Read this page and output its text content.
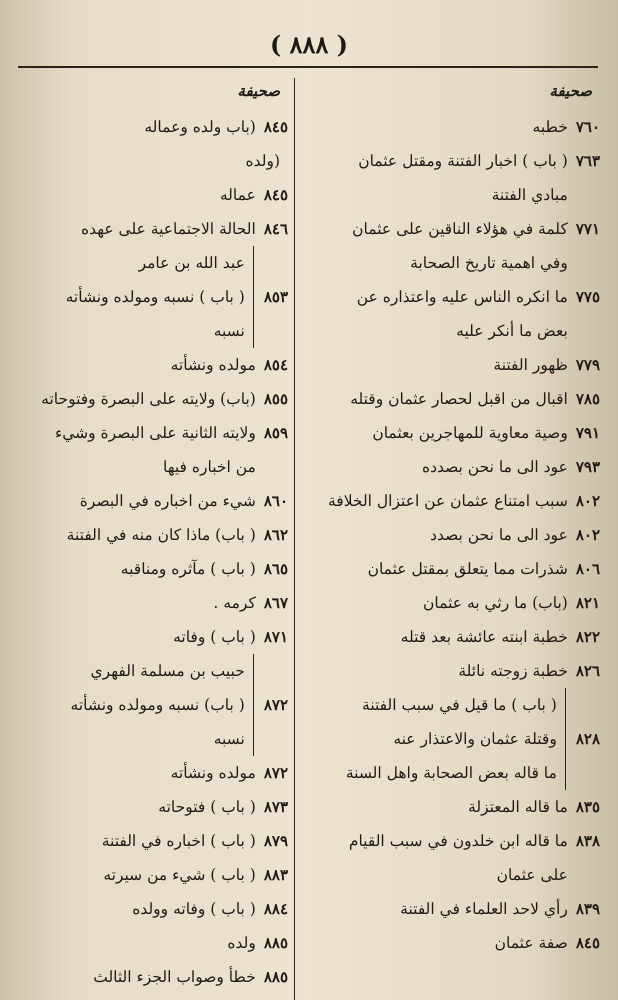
( ٨٨٨ )
صحيفة
٧٦٠
خطبه
٧٦٣
( باب ) اخبار الفتنة ومقتل عثمان
مبادي الفتنة
٧٧١
كلمة في هؤلاء الناقين على عثمان
وفي اهمية تاريخ الصحابة
٧٧٥
ما انكره الناس عليه واعتذاره عن
بعض ما أنكر عليه
٧٧٩
ظهور الفتنة
٧٨٥
اقبال من اقبل لحصار عثمان وقتله
٧٩١
وصية معاوية للمهاجرين بعثمان
٧٩٣
عود الى ما نحن بصدده
٨٠٢
سبب امتناع عثمان عن اعتزال الخلافة
٨٠٢
عود الى ما نحن بصدد
٨٠٦
شذرات مما يتعلق بمقتل عثمان
٨٢١
(باب) ما رثي به عثمان
٨٢٢
خطبة ابنته عائشة بعد قتله
٨٢٦
خطبة زوجته نائلة
٨٢٨
( باب ) ما قيل في سبب الفتنة
وقتلة عثمان والاعتذار عنه
ما قاله بعض الصحابة واهل السنة
٨٣٥
ما قاله المعتزلة
٨٣٨
ما قاله ابن خلدون في سبب القيام
على عثمان
٨٣٩
رأي لاحد العلماء في الفتنة
٨٤٥
صفة عثمان
صحيفة
٨٤٥
(باب ولده وعماله
(ولده
٨٤٥
عماله
٨٤٦
الحالة الاجتماعية على عهده
٨٥٣
عبد الله بن عامر
( باب ) نسبه ومولده ونشأته
نسبه
٨٥٤
مولده ونشأته
٨٥٥
(باب) ولايته على البصرة وفتوحاته
٨٥٩
ولايته الثانية على البصرة وشيء
من اخباره فيها
٨٦٠
شيء من اخباره في البصرة
٨٦٢
( باب) ماذا كان منه في الفتنة
٨٦٥
( باب ) مآثره ومناقبه
٨٦٧
كرمه .
٨٧١
( باب ) وفاته
٨٧٢
حبيب بن مسلمة الفهري
( باب) نسبه ومولده ونشأته
نسبه
٨٧٢
مولده ونشأته
٨٧٣
( باب ) فتوحاته
٨٧٩
( باب ) اخباره في الفتنة
٨٨٣
( باب ) شيء من سيرته
٨٨٤
( باب ) وفاته وولده
٨٨٥
ولده
٨٨٥
خطأ وصواب الجزء الثالث
